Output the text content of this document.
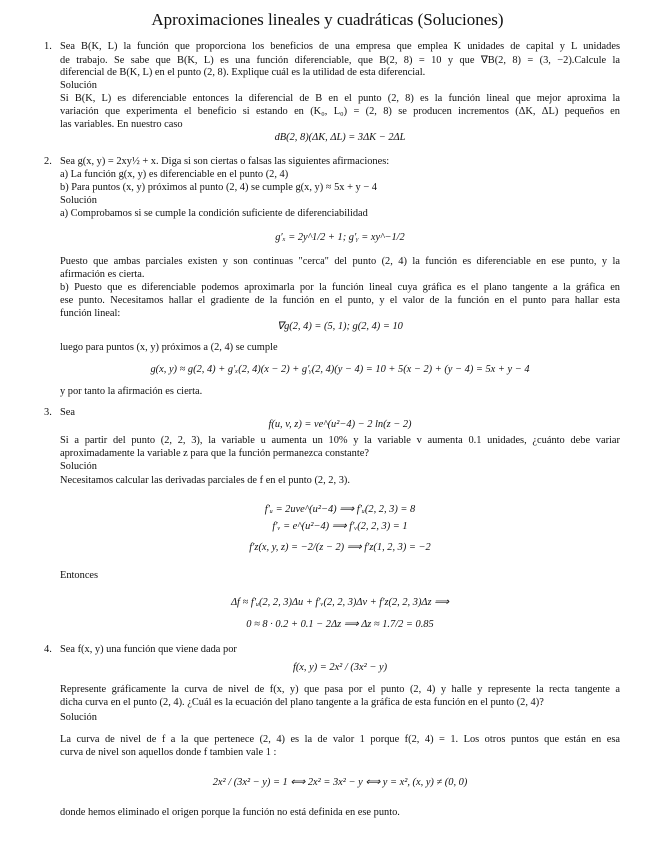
Aproximaciones lineales y cuadráticas (Soluciones)
1. Sea B(K, L) la función que proporciona los beneficios de una empresa que emplea K unidades de capital y L unidades
de trabajo. Se sabe que B(K, L) es una función diferenciable, que B(2, 8) = 10 y que ∇B(2, 8) = (3, −2).Calcule la
diferencial de B(K, L) en el punto (2, 8). Explique cuál es la utilidad de esta diferencial.
Solución
Si B(K, L) es diferenciable entonces la diferencial de B en el punto (2, 8) es la función lineal que mejor aproxima la
variación que experimenta el beneficio si estando en (K₀, L₀) = (2, 8) se producen incrementos (ΔK, ΔL) pequeños en
las variables. En nuestro caso
dB(2, 8)(ΔK, ΔL) = 3ΔK − 2ΔL
2. Sea g(x, y) = 2xy½ + x. Diga si son ciertas o falsas las siguientes afirmaciones:
a) La función g(x, y) es diferenciable en el punto (2, 4)
b) Para puntos (x, y) próximos al punto (2, 4) se cumple g(x, y) ≈ 5x + y − 4
Solución
a) Comprobamos si se cumple la condición suficiente de diferenciabilidad
g′ₓ = 2y^1/2 + 1; g′ᵧ = xy^−1/2
Puesto que ambas parciales existen y son continuas "cerca" del punto (2, 4) la función es diferenciable en ese punto, y la
afirmación es cierta.
b) Puesto que es diferenciable podemos aproximarla por la función lineal cuya gráfica es el plano tangente a la gráfica en
ese punto. Necesitamos hallar el gradiente de la función en el punto, y el valor de la función en el punto para hallar esta
función lineal:
∇g(2, 4) = (5, 1); g(2, 4) = 10
luego para puntos (x, y) próximos a (2, 4) se cumple
g(x, y) ≈ g(2, 4) + g′ₓ(2, 4)(x − 2) + g′ᵧ(2, 4)(y − 4) = 10 + 5(x − 2) + (y − 4) = 5x + y − 4
y por tanto la afirmación es cierta.
3. Sea
f(u, v, z) = ve^(u²−4) − 2 ln(z − 2)
Si a partir del punto (2, 2, 3), la variable u aumenta un 10% y la variable v aumenta 0.1 unidades, ¿cuánto debe variar
aproximadamente la variable z para que la función permanezca constante?
Solución
Necesitamos calcular las derivadas parciales de f en el punto (2, 2, 3).
f′ᵤ = 2uve^(u²−4) ⟹ f′ᵤ(2, 2, 3) = 8
f′ᵥ = e^(u²−4) ⟹ f′ᵥ(2, 2, 3) = 1
f′z(x, y, z) = −2/(z − 2) ⟹ f′z(1, 2, 3) = −2
Entonces
Δf ≈ f′ᵤ(2, 2, 3)Δu + f′ᵥ(2, 2, 3)Δv + f′z(2, 2, 3)Δz ⟹
0 ≈ 8 · 0.2 + 0.1 − 2Δz ⟹ Δz ≈ 1.7/2 = 0.85
4. Sea f(x, y) una función que viene dada por
f(x, y) = 2x² / (3x² − y)
Represente gráficamente la curva de nivel de f(x, y) que pasa por el punto (2, 4) y halle y represente la recta tangente a
dicha curva en el punto (2, 4). ¿Cuál es la ecuación del plano tangente a la gráfica de esta función en el punto (2, 4)?
Solución
La curva de nivel de f a la que pertenece (2, 4) es la de valor 1 porque f(2, 4) = 1. Los otros puntos que están en esa
curva de nivel son aquellos donde f tambien vale 1 :
2x² / (3x² − y) = 1 ⟺ 2x² = 3x² − y ⟺ y = x², (x, y) ≠ (0, 0)
donde hemos eliminado el origen porque la función no está definida en ese punto.
